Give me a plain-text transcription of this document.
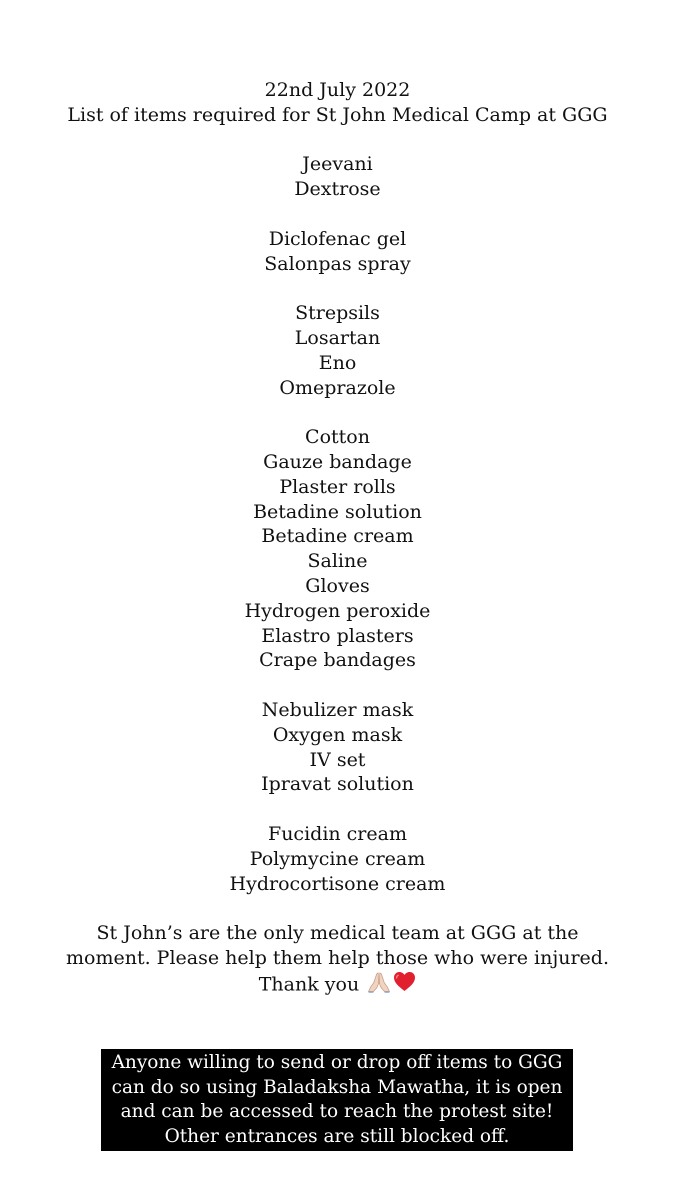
22nd July 2022
List of items required for St John Medical Camp at GGG
Jeevani
Dextrose
Diclofenac gel
Salonpas spray
Strepsils
Losartan
Eno
Omeprazole
Cotton
Gauze bandage
Plaster rolls
Betadine solution
Betadine cream
Saline
Gloves
Hydrogen peroxide
Elastro plasters
Crape bandages
Nebulizer mask
Oxygen mask
IV set
Ipravat solution
Fucidin cream
Polymycine cream
Hydrocortisone cream
St John’s are the only medical team at GGG at the
moment. Please help them help those who were injured.
Thank you
Anyone willing to send or drop off items to GGG
can do so using Baladaksha Mawatha, it is open
and can be accessed to reach the protest site!
Other entrances are still blocked off.
